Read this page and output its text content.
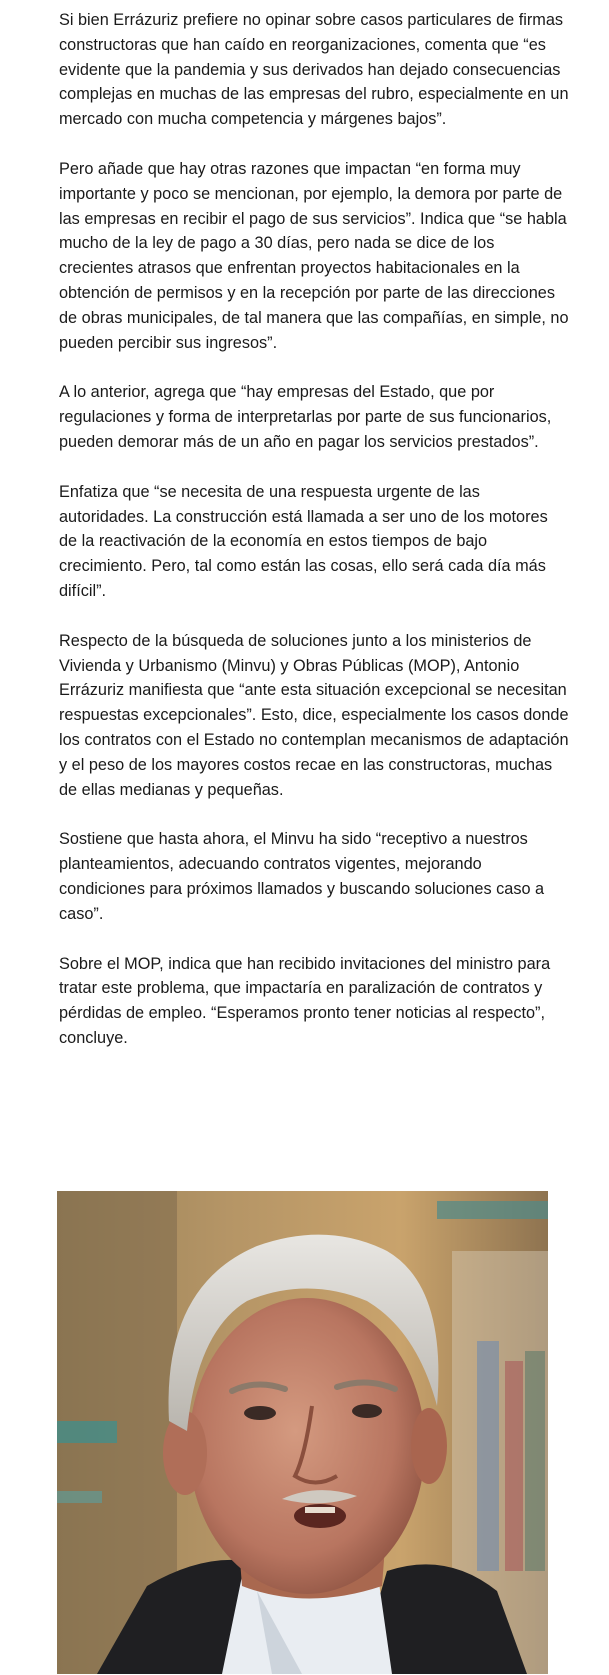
Si bien Errázuriz prefiere no opinar sobre casos particulares de firmas constructoras que han caído en reorganizaciones, comenta que “es evidente que la pandemia y sus derivados han dejado consecuencias complejas en muchas de las empresas del rubro, especialmente en un mercado con mucha competencia y márgenes bajos”.

Pero añade que hay otras razones que impactan “en forma muy importante y poco se mencionan, por ejemplo, la demora por parte de las empresas en recibir el pago de sus servicios”. Indica que “se habla mucho de la ley de pago a 30 días, pero nada se dice de los crecientes atrasos que enfrentan proyectos habitacionales en la obtención de permisos y en la recepción por parte de las direcciones de obras municipales, de tal manera que las compañías, en simple, no pueden percibir sus ingresos”.

A lo anterior, agrega que “hay empresas del Estado, que por regulaciones y forma de interpretarlas por parte de sus funcionarios, pueden demorar más de un año en pagar los servicios prestados”.

Enfatiza que “se necesita de una respuesta urgente de las autoridades. La construcción está llamada a ser uno de los motores de la reactivación de la economía en estos tiempos de bajo crecimiento. Pero, tal como están las cosas, ello será cada día más difícil”.

Respecto de la búsqueda de soluciones junto a los ministerios de Vivienda y Urbanismo (Minvu) y Obras Públicas (MOP), Antonio Errázuriz manifiesta que “ante esta situación excepcional se necesitan respuestas excepcionales”. Esto, dice, especialmente los casos donde los contratos con el Estado no contemplan mecanismos de adaptación y el peso de los mayores costos recae en las constructoras, muchas de ellas medianas y pequeñas.

Sostiene que hasta ahora, el Minvu ha sido “receptivo a nuestros planteamientos, adecuando contratos vigentes, mejorando condiciones para próximos llamados y buscando soluciones caso a caso”.

Sobre el MOP, indica que han recibido invitaciones del ministro para tratar este problema, que impactaría en paralización de contratos y pérdidas de empleo. “Esperamos pronto tener noticias al respecto”, concluye.
